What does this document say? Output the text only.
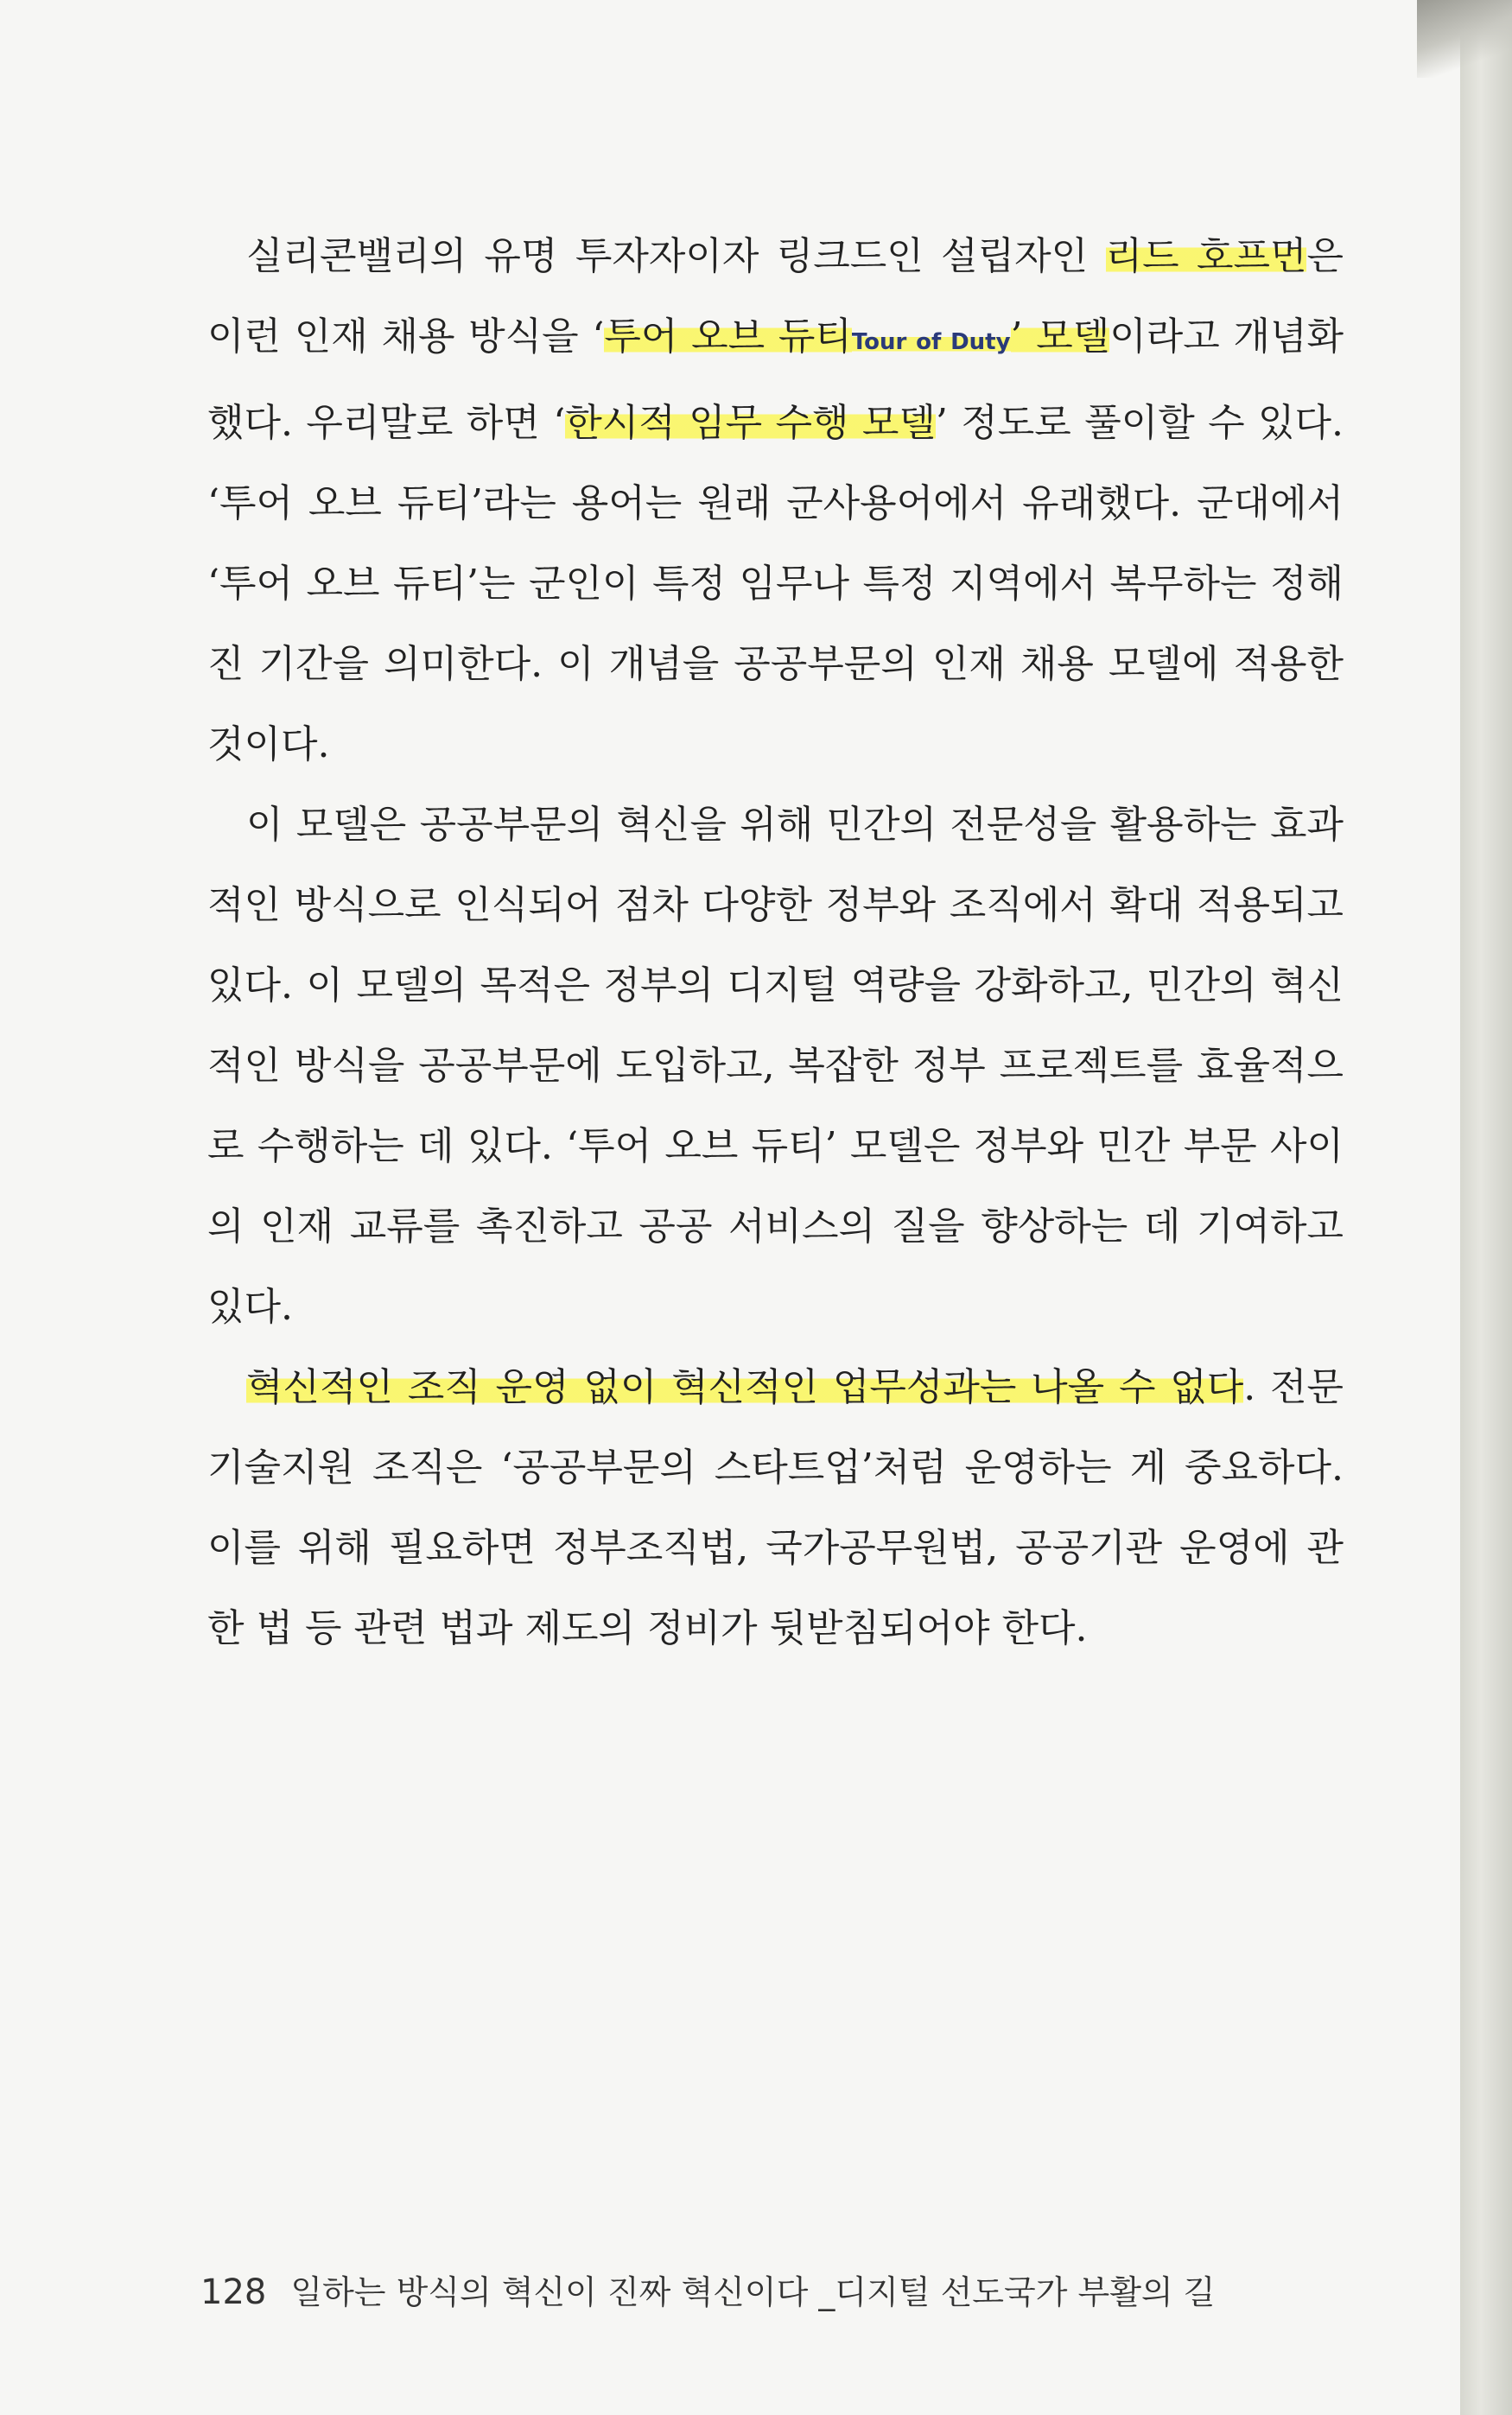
실리콘밸리의 유명 투자자이자 링크드인 설립자인 리드 호프먼은 이런 인재 채용 방식을 ‘투어 오브 듀티Tour of Duty’ 모델이라고 개념화했다. 우리말로 하면 ‘한시적 임무 수행 모델’ 정도로 풀이할 수 있다. ‘투어 오브 듀티’라는 용어는 원래 군사용어에서 유래했다. 군대에서 ‘투어 오브 듀티’는 군인이 특정 임무나 특정 지역에서 복무하는 정해진 기간을 의미한다. 이 개념을 공공부문의 인재 채용 모델에 적용한 것이다.

이 모델은 공공부문의 혁신을 위해 민간의 전문성을 활용하는 효과적인 방식으로 인식되어 점차 다양한 정부와 조직에서 확대 적용되고 있다. 이 모델의 목적은 정부의 디지털 역량을 강화하고, 민간의 혁신적인 방식을 공공부문에 도입하고, 복잡한 정부 프로젝트를 효율적으로 수행하는 데 있다. ‘투어 오브 듀티’ 모델은 정부와 민간 부문 사이의 인재 교류를 촉진하고 공공 서비스의 질을 향상하는 데 기여하고 있다.

혁신적인 조직 운영 없이 혁신적인 업무성과는 나올 수 없다. 전문기술지원 조직은 ‘공공부문의 스타트업’처럼 운영하는 게 중요하다. 이를 위해 필요하면 정부조직법, 국가공무원법, 공공기관 운영에 관한 법 등 관련 법과 제도의 정비가 뒷받침되어야 한다.

128 일하는 방식의 혁신이 진짜 혁신이다 _디지털 선도국가 부활의 길
